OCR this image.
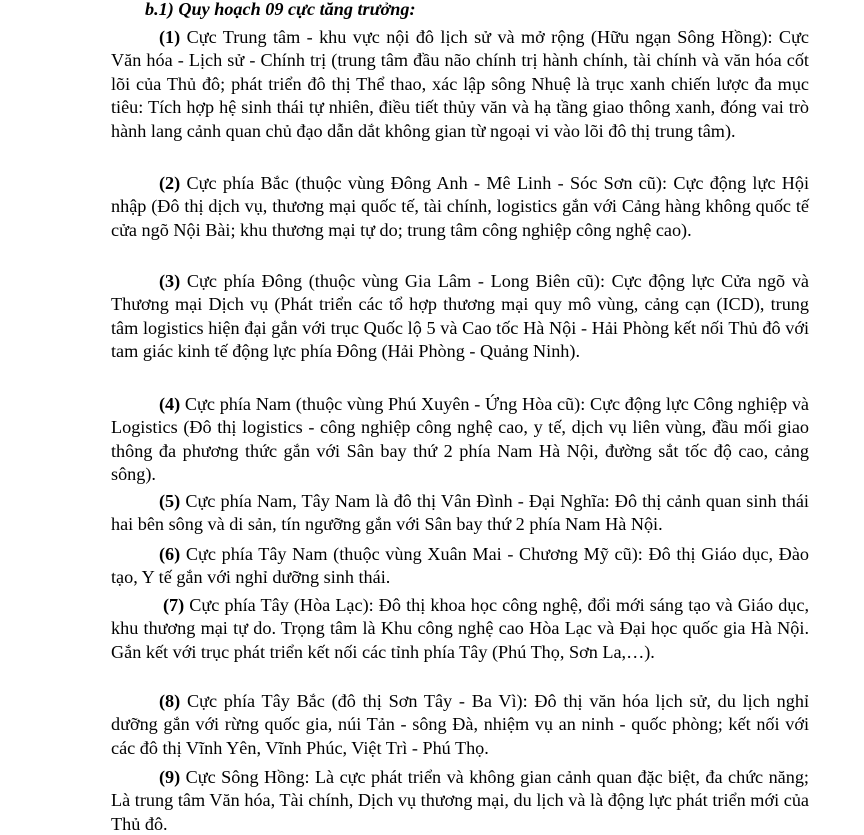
b.1) Quy hoạch 09 cực tăng trưởng:

(1) Cực Trung tâm - khu vực nội đô lịch sử và mở rộng (Hữu ngạn Sông Hồng): Cực Văn hóa - Lịch sử - Chính trị (trung tâm đầu não chính trị hành chính, tài chính và văn hóa cốt lõi của Thủ đô; phát triển đô thị Thể thao, xác lập sông Nhuệ là trục xanh chiến lược đa mục tiêu: Tích hợp hệ sinh thái tự nhiên, điều tiết thủy văn và hạ tầng giao thông xanh, đóng vai trò hành lang cảnh quan chủ đạo dẫn dắt không gian từ ngoại vi vào lõi đô thị trung tâm).

(2) Cực phía Bắc (thuộc vùng Đông Anh - Mê Linh - Sóc Sơn cũ): Cực động lực Hội nhập (Đô thị dịch vụ, thương mại quốc tế, tài chính, logistics gắn với Cảng hàng không quốc tế cửa ngõ Nội Bài; khu thương mại tự do; trung tâm công nghiệp công nghệ cao).

(3) Cực phía Đông (thuộc vùng Gia Lâm - Long Biên cũ): Cực động lực Cửa ngõ và Thương mại Dịch vụ (Phát triển các tổ hợp thương mại quy mô vùng, cảng cạn (ICD), trung tâm logistics hiện đại gắn với trục Quốc lộ 5 và Cao tốc Hà Nội - Hải Phòng kết nối Thủ đô với tam giác kinh tế động lực phía Đông (Hải Phòng - Quảng Ninh).

(4) Cực phía Nam (thuộc vùng Phú Xuyên - Ứng Hòa cũ): Cực động lực Công nghiệp và Logistics (Đô thị logistics - công nghiệp công nghệ cao, y tế, dịch vụ liên vùng, đầu mối giao thông đa phương thức gắn với Sân bay thứ 2 phía Nam Hà Nội, đường sắt tốc độ cao, cảng sông).

(5) Cực phía Nam, Tây Nam là đô thị Vân Đình - Đại Nghĩa: Đô thị cảnh quan sinh thái hai bên sông và di sản, tín ngưỡng gắn với Sân bay thứ 2 phía Nam Hà Nội.

(6) Cực phía Tây Nam (thuộc vùng Xuân Mai - Chương Mỹ cũ): Đô thị Giáo dục, Đào tạo, Y tế gắn với nghỉ dưỡng sinh thái.

(7) Cực phía Tây (Hòa Lạc): Đô thị khoa học công nghệ, đổi mới sáng tạo và Giáo dục, khu thương mại tự do. Trọng tâm là Khu công nghệ cao Hòa Lạc và Đại học quốc gia Hà Nội. Gắn kết với trục phát triển kết nối các tỉnh phía Tây (Phú Thọ, Sơn La,…).

(8) Cực phía Tây Bắc (đô thị Sơn Tây - Ba Vì): Đô thị văn hóa lịch sử, du lịch nghỉ dưỡng gắn với rừng quốc gia, núi Tản - sông Đà, nhiệm vụ an ninh - quốc phòng; kết nối với các đô thị Vĩnh Yên, Vĩnh Phúc, Việt Trì - Phú Thọ.

(9) Cực Sông Hồng: Là cực phát triển và không gian cảnh quan đặc biệt, đa chức năng; Là trung tâm Văn hóa, Tài chính, Dịch vụ thương mại, du lịch và là động lực phát triển mới của Thủ đô.
